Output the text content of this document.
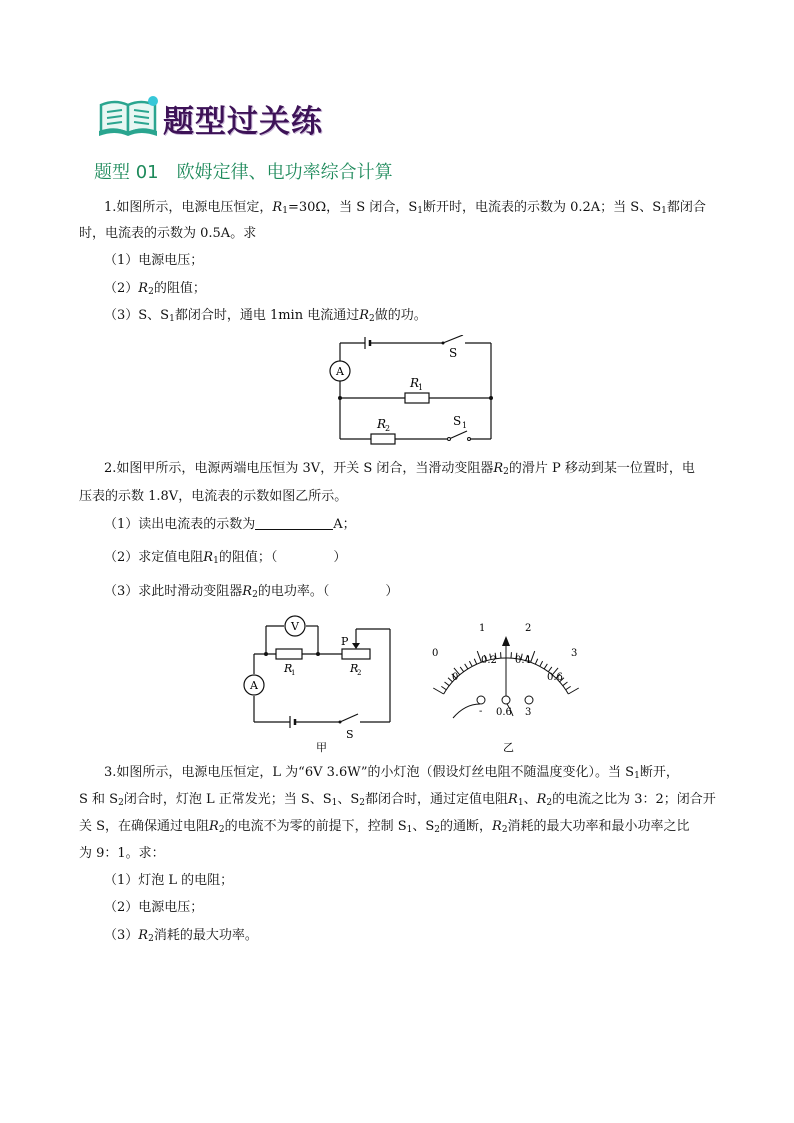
题型过关练
题型 01 欧姆定律、电功率综合计算
1.如图所示，电源电压恒定，$R_1=30\Omega$，当 S 闭合，$S_1$断开时，电流表的示数为 0.2A；当 S、$S_1$都闭合
时，电流表的示数为 0.5A。求
（1）电源电压；
$(2)R_2$的阻值；
（3）S、$S_1$都闭合时，通电 1min 电流通过$R_2$做的功。
A
S
R
1
R
2
S 1
2.如图甲所示，电源两端电压恒为 3V，开关 S 闭合，当滑动变阻器$R_2$的滑片 P 移动到某一位置时，电
压表的示数 1.8V，电流表的示数如图乙所示。
（1）读出电流表的示数为	A；
（2）求定值电阻$R_1$的阻值；（	）
（3）求此时滑动变阻器$R_2$的电功率。（	）
V
A
P
R
1	R
2
S
甲
0
1	2
3
0
0.2 0.4
0.6
- 0.6 3
乙
3.如图所示，电源电压恒定，L 为“6V 3.6W”的小灯泡（假设灯丝电阻不随温度变化）。当 $S_1$断开，
S 和 $S_2$闭合时，灯泡 L 正常发光；当 S、$S_1$、$S_2$都闭合时，通过定值电阻$R_1$、$R_2$的电流之比为 3：2；闭合开
关 S，在确保通过电阻$R_2$的电流不为零的前提下，控制 $S_1$、$S_2$的通断，$R_2$消耗的最大功率和最小功率之比
为 9：1。求：
（1）灯泡 L 的电阻；
（2）电源电压；
$(3)R_2$消耗的最大功率。
